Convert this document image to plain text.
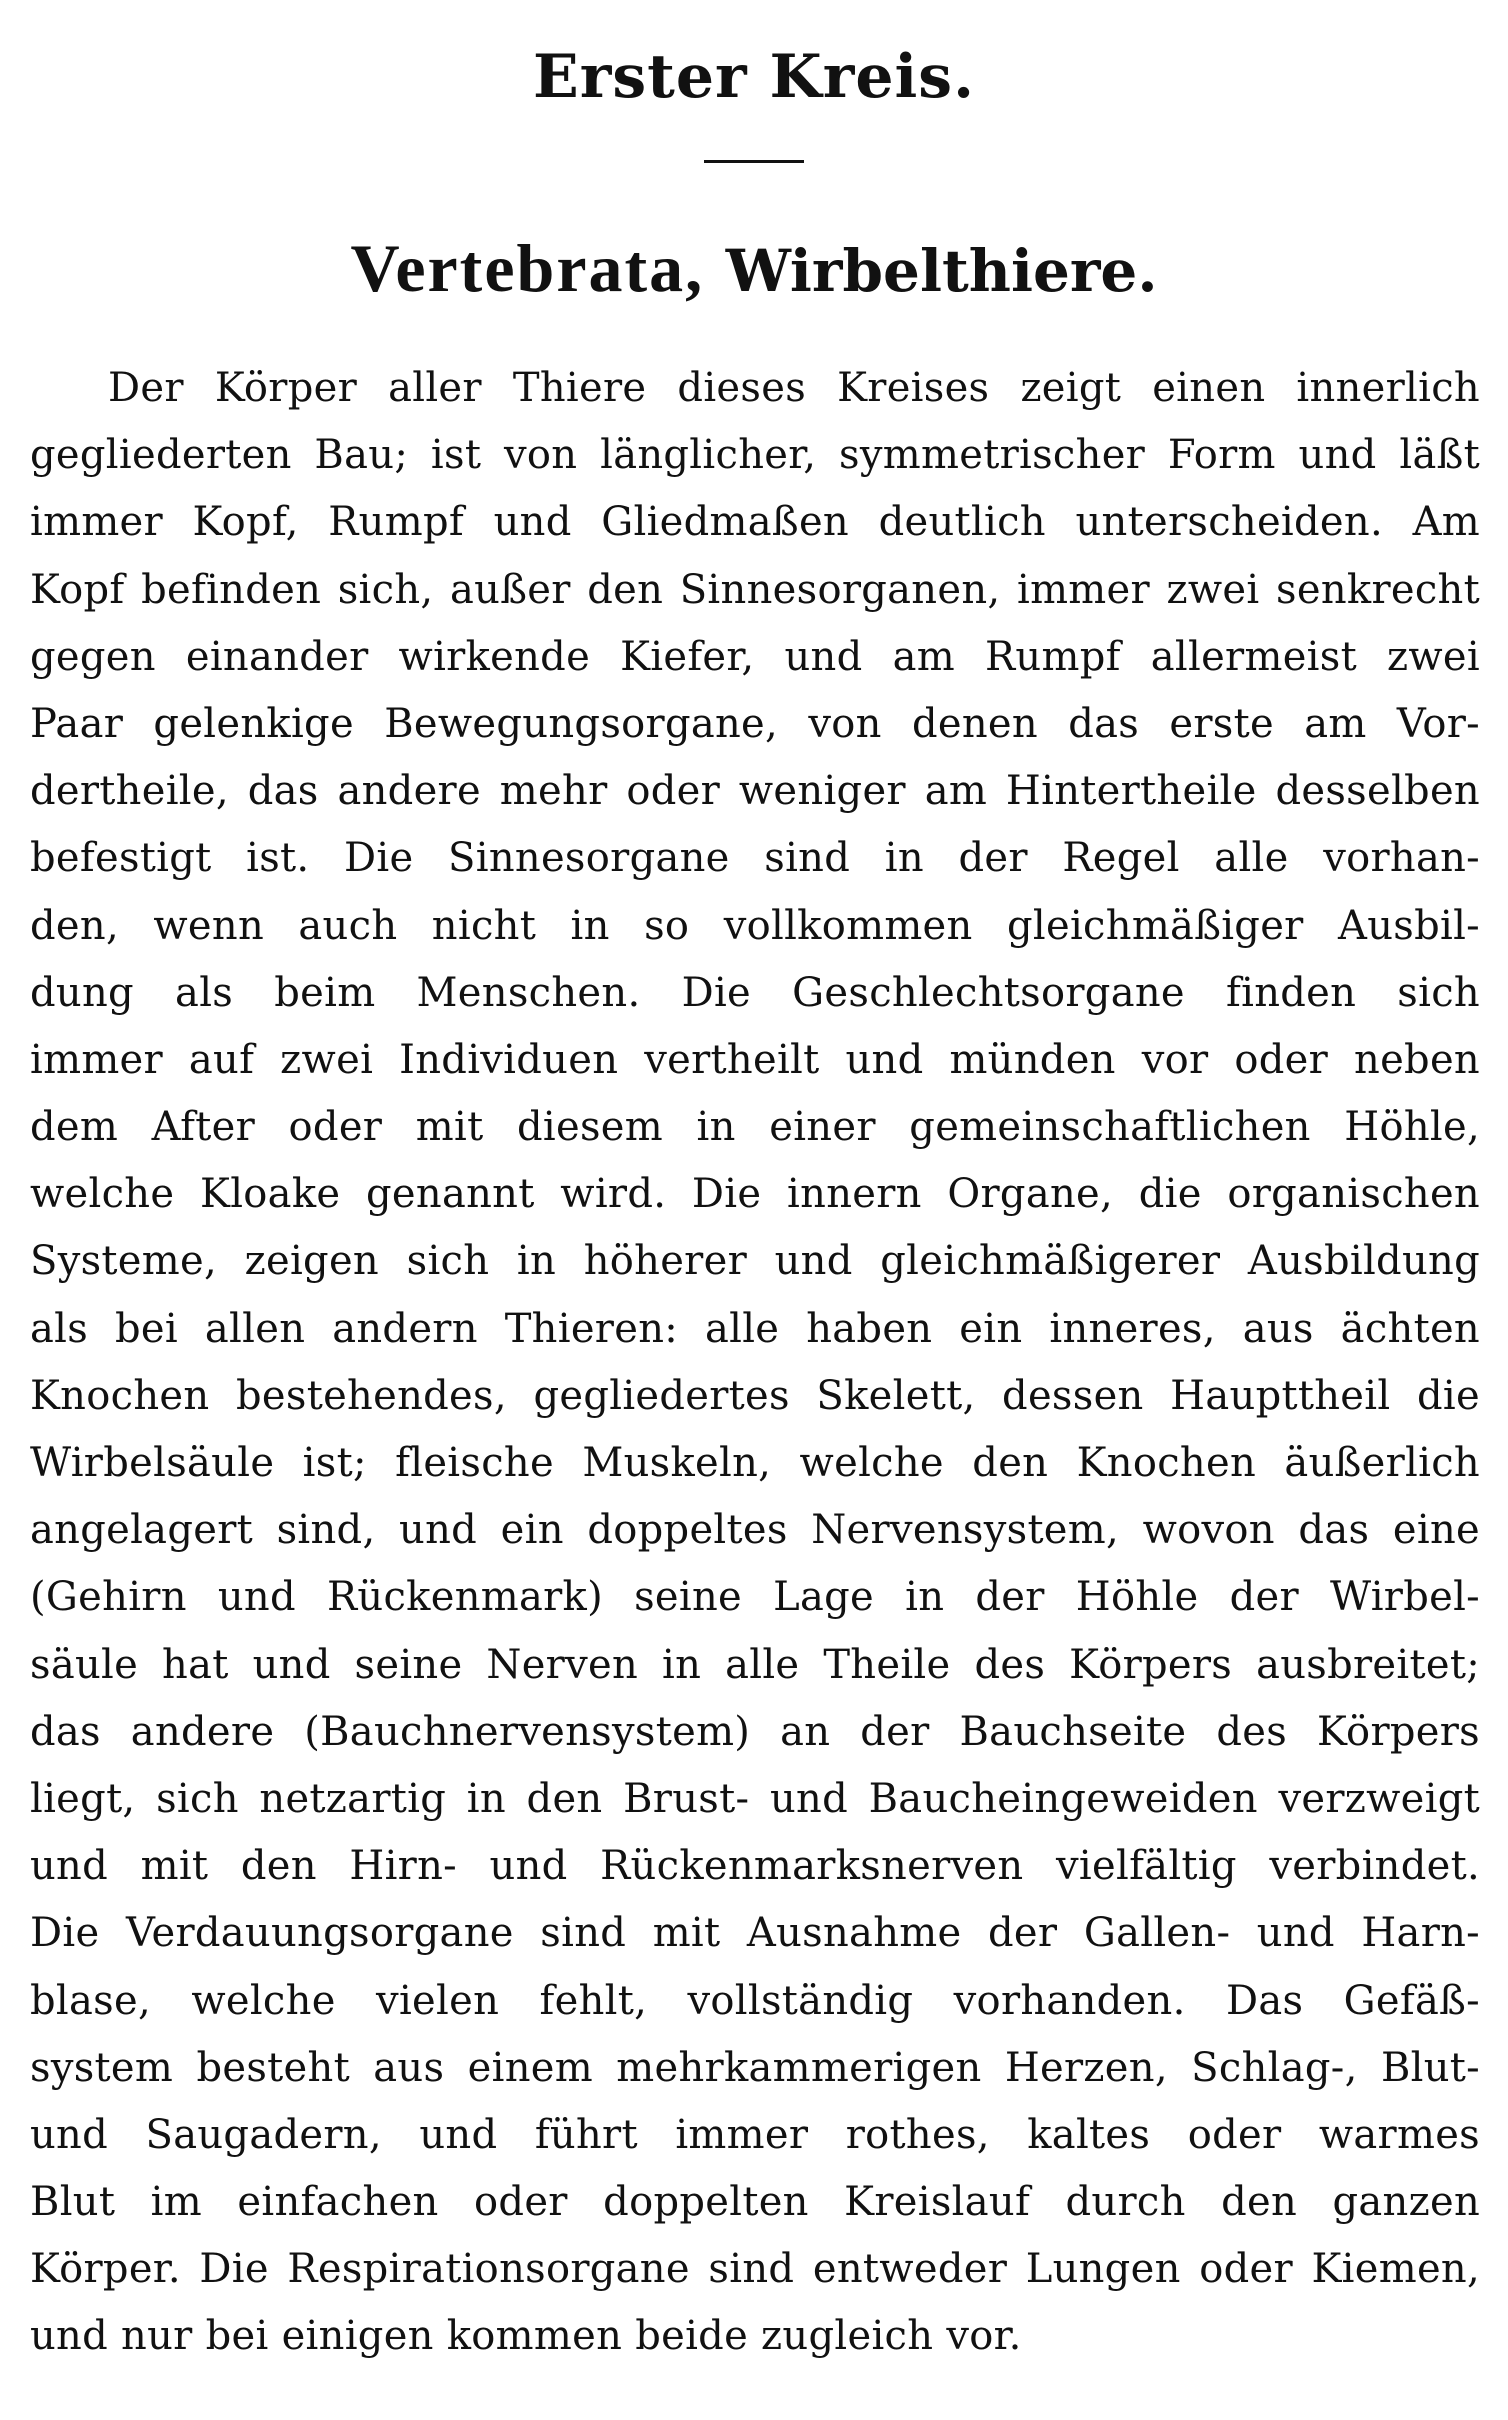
Erster Kreis.
Vertebrata, Wirbelthiere.
Der Körper aller Thiere dieses Kreises zeigt einen innerlich
gegliederten Bau; ist von länglicher, symmetrischer Form und läßt
immer Kopf, Rumpf und Gliedmaßen deutlich unterscheiden. Am
Kopf befinden sich, außer den Sinnesorganen, immer zwei senkrecht
gegen einander wirkende Kiefer, und am Rumpf allermeist zwei
Paar gelenkige Bewegungsorgane, von denen das erste am Vor-
dertheile, das andere mehr oder weniger am Hintertheile desselben
befestigt ist. Die Sinnesorgane sind in der Regel alle vorhan-
den, wenn auch nicht in so vollkommen gleichmäßiger Ausbil-
dung als beim Menschen. Die Geschlechtsorgane finden sich
immer auf zwei Individuen vertheilt und münden vor oder neben
dem After oder mit diesem in einer gemeinschaftlichen Höhle,
welche Kloake genannt wird. Die innern Organe, die organischen
Systeme, zeigen sich in höherer und gleichmäßigerer Ausbildung
als bei allen andern Thieren: alle haben ein inneres, aus ächten
Knochen bestehendes, gegliedertes Skelett, dessen Haupttheil die
Wirbelsäule ist; fleische Muskeln, welche den Knochen äußerlich
angelagert sind, und ein doppeltes Nervensystem, wovon das eine
(Gehirn und Rückenmark) seine Lage in der Höhle der Wirbel-
säule hat und seine Nerven in alle Theile des Körpers ausbreitet;
das andere (Bauchnervensystem) an der Bauchseite des Körpers
liegt, sich netzartig in den Brust- und Baucheingeweiden verzweigt
und mit den Hirn- und Rückenmarksnerven vielfältig verbindet.
Die Verdauungsorgane sind mit Ausnahme der Gallen- und Harn-
blase, welche vielen fehlt, vollständig vorhanden. Das Gefäß-
system besteht aus einem mehrkammerigen Herzen, Schlag-, Blut-
und Saugadern, und führt immer rothes, kaltes oder warmes
Blut im einfachen oder doppelten Kreislauf durch den ganzen
Körper. Die Respirationsorgane sind entweder Lungen oder Kiemen,
und nur bei einigen kommen beide zugleich vor.
